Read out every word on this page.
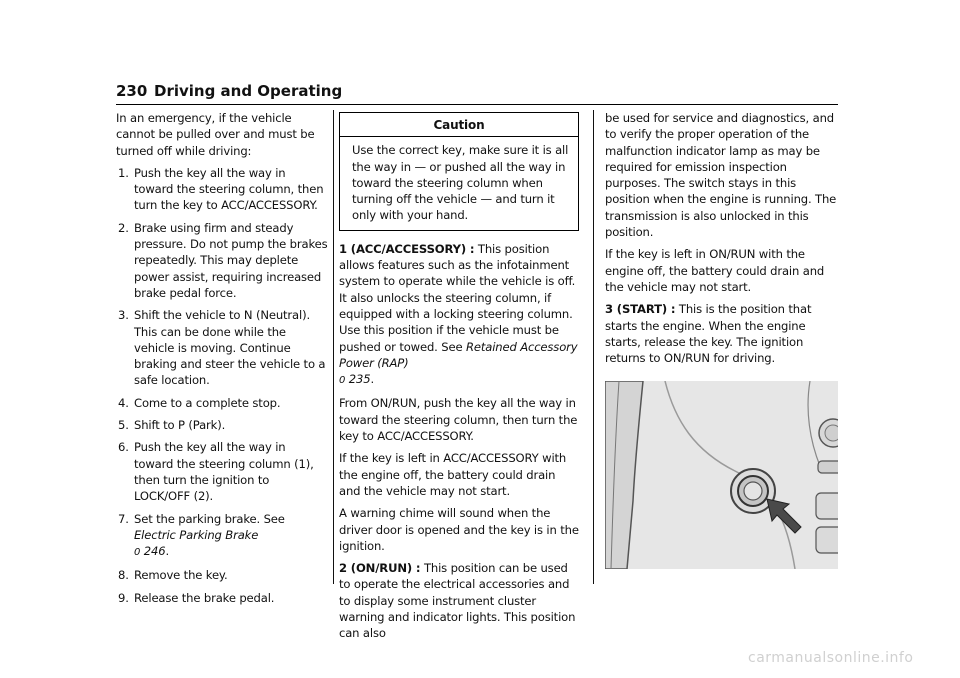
230 Driving and Operating

In an emergency, if the vehicle cannot be pulled over and must be turned off while driving:

1. Push the key all the way in toward the steering column, then turn the key to ACC/ACCESSORY.
2. Brake using firm and steady pressure. Do not pump the brakes repeatedly. This may deplete power assist, requiring increased brake pedal force.
3. Shift the vehicle to N (Neutral). This can be done while the vehicle is moving. Continue braking and steer the vehicle to a safe location.
4. Come to a complete stop.
5. Shift to P (Park).
6. Push the key all the way in toward the steering column (1), then turn the ignition to LOCK/OFF (2).
7. Set the parking brake. See Electric Parking Brake
0 246.
8. Remove the key.
9. Release the brake pedal.
Caution
Use the correct key, make sure it is all the way in — or pushed all the way in toward the steering column when turning off the vehicle — and turn it only with your hand.

1 (ACC/ACCESSORY) : This position allows features such as the infotainment system to operate while the vehicle is off. It also unlocks the steering column, if equipped with a locking steering column. Use this position if the vehicle must be pushed or towed. See Retained Accessory Power (RAP)
0 235.

From ON/RUN, push the key all the way in toward the steering column, then turn the key to ACC/ACCESSORY.

If the key is left in ACC/ACCESSORY with the engine off, the battery could drain and the vehicle may not start.

A warning chime will sound when the driver door is opened and the key is in the ignition.

2 (ON/RUN) : This position can be used to operate the electrical accessories and to display some instrument cluster warning and indicator lights. This position can also

be used for service and diagnostics, and to verify the proper operation of the malfunction indicator lamp as may be required for emission inspection purposes. The switch stays in this position when the engine is running. The transmission is also unlocked in this position.

If the key is left in ON/RUN with the engine off, the battery could drain and the vehicle may not start.

3 (START) : This is the position that starts the engine. When the engine starts, release the key. The ignition returns to ON/RUN for driving.

carmanualsonline.info
